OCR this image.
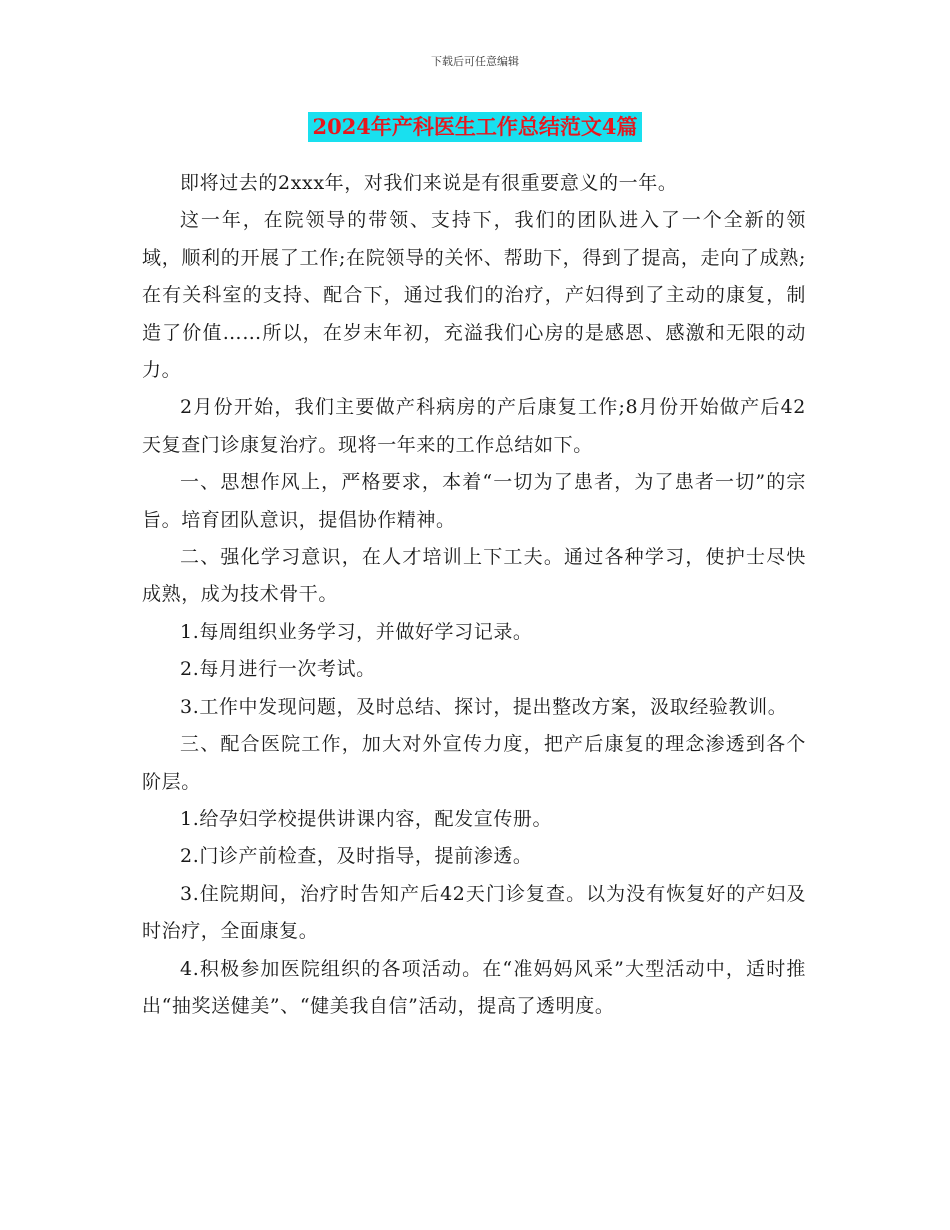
下载后可任意编辑
2024年产科医生工作总结范文4篇

即将过去的2xxx年，对我们来说是有很重要意义的一年。

这一年，在院领导的带领、支持下，我们的团队进入了一个全新的领域，顺利的开展了工作;在院领导的关怀、帮助下，得到了提高，走向了成熟;在有关科室的支持、配合下，通过我们的治疗，产妇得到了主动的康复，制造了价值……所以，在岁末年初，充溢我们心房的是感恩、感激和无限的动力。

2月份开始，我们主要做产科病房的产后康复工作;8月份开始做产后42天复查门诊康复治疗。现将一年来的工作总结如下。

一、思想作风上，严格要求，本着“一切为了患者，为了患者一切”的宗旨。培育团队意识，提倡协作精神。

二、强化学习意识，在人才培训上下工夫。通过各种学习，使护士尽快成熟，成为技术骨干。

1.每周组织业务学习，并做好学习记录。

2.每月进行一次考试。

3.工作中发现问题，及时总结、探讨，提出整改方案，汲取经验教训。

三、配合医院工作，加大对外宣传力度，把产后康复的理念渗透到各个阶层。

1.给孕妇学校提供讲课内容，配发宣传册。

2.门诊产前检查，及时指导，提前渗透。

3.住院期间，治疗时告知产后42天门诊复查。以为没有恢复好的产妇及时治疗，全面康复。

4.积极参加医院组织的各项活动。在“准妈妈风采”大型活动中，适时推出“抽奖送健美”、“健美我自信”活动，提高了透明度。
